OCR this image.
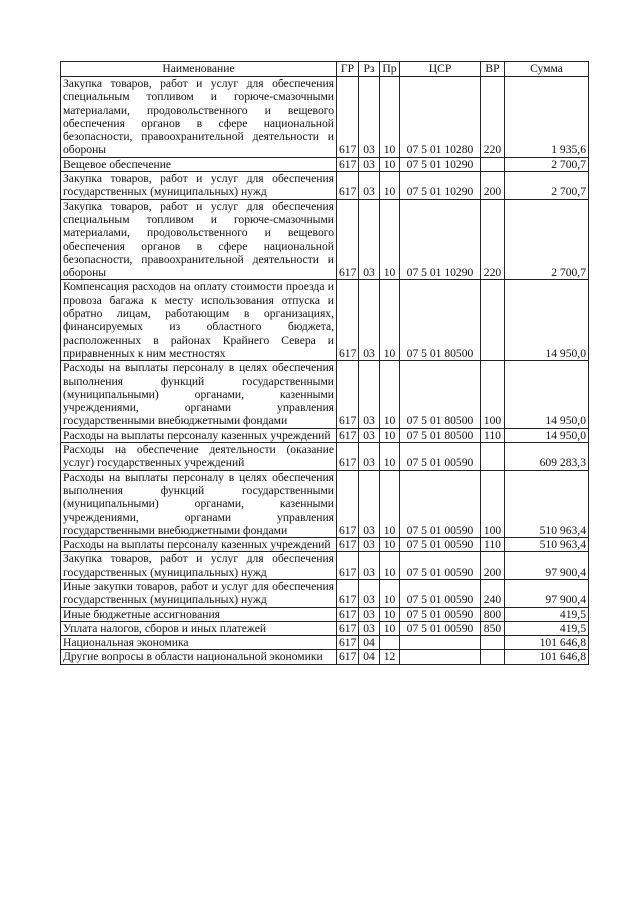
Наименование	ГР	Рз	Пр	ЦСР	ВР	Сумма
Закупка товаров, работ и услуг для обеспечения специальным топливом и горюче-смазочными материалами, продовольственного и вещевого обеспечения органов в сфере национальной безопасности, правоохранительной деятельности и обороны	617	03	10	07 5 01 10280	220	1 935,6
Вещевое обеспечение	617	03	10	07 5 01 10290		2 700,7
Закупка товаров, работ и услуг для обеспечения государственных (муниципальных) нужд	617	03	10	07 5 01 10290	200	2 700,7
Закупка товаров, работ и услуг для обеспечения специальным топливом и горюче-смазочными материалами, продовольственного и вещевого обеспечения органов в сфере национальной безопасности, правоохранительной деятельности и обороны	617	03	10	07 5 01 10290	220	2 700,7
Компенсация расходов на оплату стоимости проезда и провоза багажа к месту использования отпуска и обратно лицам, работающим в организациях, финансируемых из областного бюджета, расположенных в районах Крайнего Севера и приравненных к ним местностях	617	03	10	07 5 01 80500		14 950,0
Расходы на выплаты персоналу в целях обеспечения выполнения функций государственными (муниципальными) органами, казенными учреждениями, органами управления государственными внебюджетными фондами	617	03	10	07 5 01 80500	100	14 950,0
Расходы на выплаты персоналу казенных учреждений	617	03	10	07 5 01 80500	110	14 950,0
Расходы на обеспечение деятельности (оказание услуг) государственных учреждений	617	03	10	07 5 01 00590		609 283,3
Расходы на выплаты персоналу в целях обеспечения выполнения функций государственными (муниципальными) органами, казенными учреждениями, органами управления государственными внебюджетными фондами	617	03	10	07 5 01 00590	100	510 963,4
Расходы на выплаты персоналу казенных учреждений	617	03	10	07 5 01 00590	110	510 963,4
Закупка товаров, работ и услуг для обеспечения государственных (муниципальных) нужд	617	03	10	07 5 01 00590	200	97 900,4
Иные закупки товаров, работ и услуг для обеспечения государственных (муниципальных) нужд	617	03	10	07 5 01 00590	240	97 900,4
Иные бюджетные ассигнования	617	03	10	07 5 01 00590	800	419,5
Уплата налогов, сборов и иных платежей	617	03	10	07 5 01 00590	850	419,5
Национальная экономика	617	04				101 646,8
Другие вопросы в области национальной экономики	617	04	12			101 646,8
